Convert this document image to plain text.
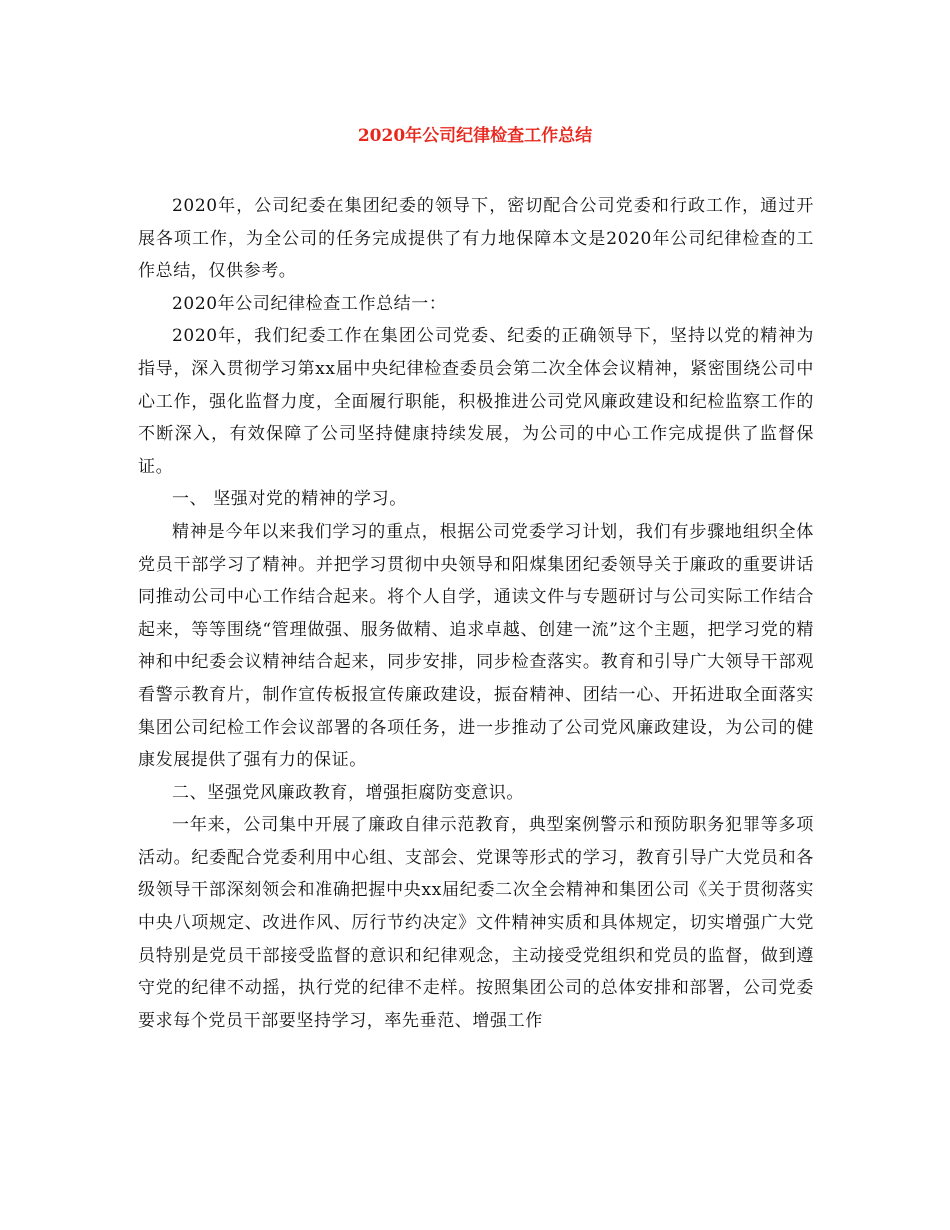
2020年公司纪律检查工作总结

2020年，公司纪委在集团纪委的领导下，密切配合公司党委和行政工作，通过开展各项工作，为全公司的任务完成提供了有力地保障本文是2020年公司纪律检查的工作总结，仅供参考。

2020年公司纪律检查工作总结一：

2020年，我们纪委工作在集团公司党委、纪委的正确领导下，坚持以党的精神为指导，深入贯彻学习第xx届中央纪律检查委员会第二次全体会议精神，紧密围绕公司中心工作，强化监督力度，全面履行职能，积极推进公司党风廉政建设和纪检监察工作的不断深入，有效保障了公司坚持健康持续发展，为公司的中心工作完成提供了监督保证。

一、 坚强对党的精神的学习。

精神是今年以来我们学习的重点，根据公司党委学习计划，我们有步骤地组织全体党员干部学习了精神。并把学习贯彻中央领导和阳煤集团纪委领导关于廉政的重要讲话同推动公司中心工作结合起来。将个人自学，通读文件与专题研讨与公司实际工作结合起来，等等围绕“管理做强、服务做精、追求卓越、创建一流”这个主题，把学习党的精神和中纪委会议精神结合起来，同步安排，同步检查落实。教育和引导广大领导干部观看警示教育片，制作宣传板报宣传廉政建设，振奋精神、团结一心、开拓进取全面落实集团公司纪检工作会议部署的各项任务，进一步推动了公司党风廉政建设，为公司的健康发展提供了强有力的保证。

二、坚强党风廉政教育，增强拒腐防变意识。

一年来，公司集中开展了廉政自律示范教育，典型案例警示和预防职务犯罪等多项活动。纪委配合党委利用中心组、支部会、党课等形式的学习，教育引导广大党员和各级领导干部深刻领会和准确把握中央xx届纪委二次全会精神和集团公司《关于贯彻落实中央八项规定、改进作风、厉行节约决定》文件精神实质和具体规定，切实增强广大党员特别是党员干部接受监督的意识和纪律观念，主动接受党组织和党员的监督，做到遵守党的纪律不动摇，执行党的纪律不走样。按照集团公司的总体安排和部署，公司党委要求每个党员干部要坚持学习，率先垂范、增强工作
